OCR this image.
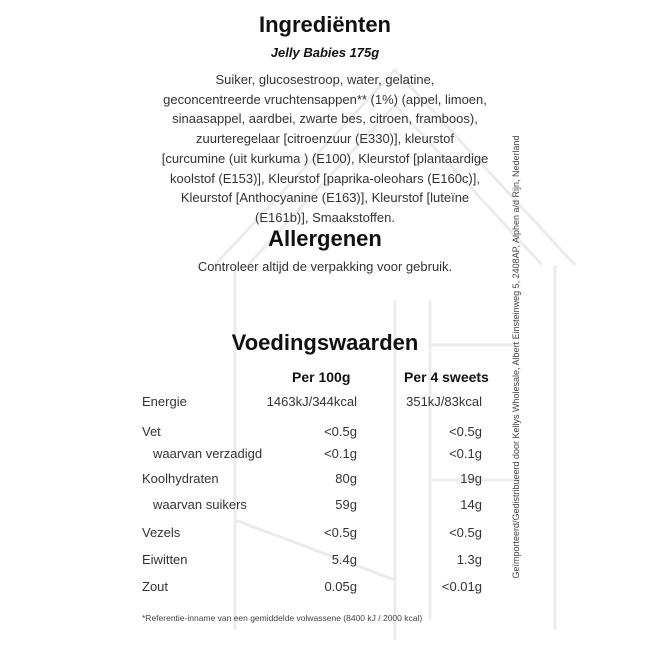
Ingrediënten
Jelly Babies 175g
Suiker, glucosestroop, water, gelatine,
geconcentreerde vruchtensappen** (1%) (appel, limoen,
sinaasappel, aardbei, zwarte bes, citroen, framboos),
zuurteregelaar [citroenzuur (E330)], kleurstof
[curcumine (uit kurkuma ) (E100), Kleurstof [plantaardige
koolstof (E153)], Kleurstof [paprika-oleohars (E160c)],
Kleurstof [Anthocyanine (E163)], Kleurstof [luteïne
(E161b)], Smaakstoffen.
Allergenen
Controleer altijd de verpakking voor gebruik.
Voedingswaarden
Per 100g	Per 4 sweets
Energie	1463kJ/344kcal	351kJ/83kcal
Vet	<0.5g	<0.5g
waarvan verzadigd	<0.1g	<0.1g
Koolhydraten	80g	19g
waarvan suikers	59g	14g
Vezels	<0.5g	<0.5g
Eiwitten	5.4g	1.3g
Zout	0.05g	<0.01g
*Referentie-inname van een gemiddelde volwassene (8400 kJ / 2000 kcal)
Geïmporteerd/Gedistribueerd door Kellys Wholesale, Albert Einsteinweg 5, 2408AP, Alphen a/d Rijn, Nederland
